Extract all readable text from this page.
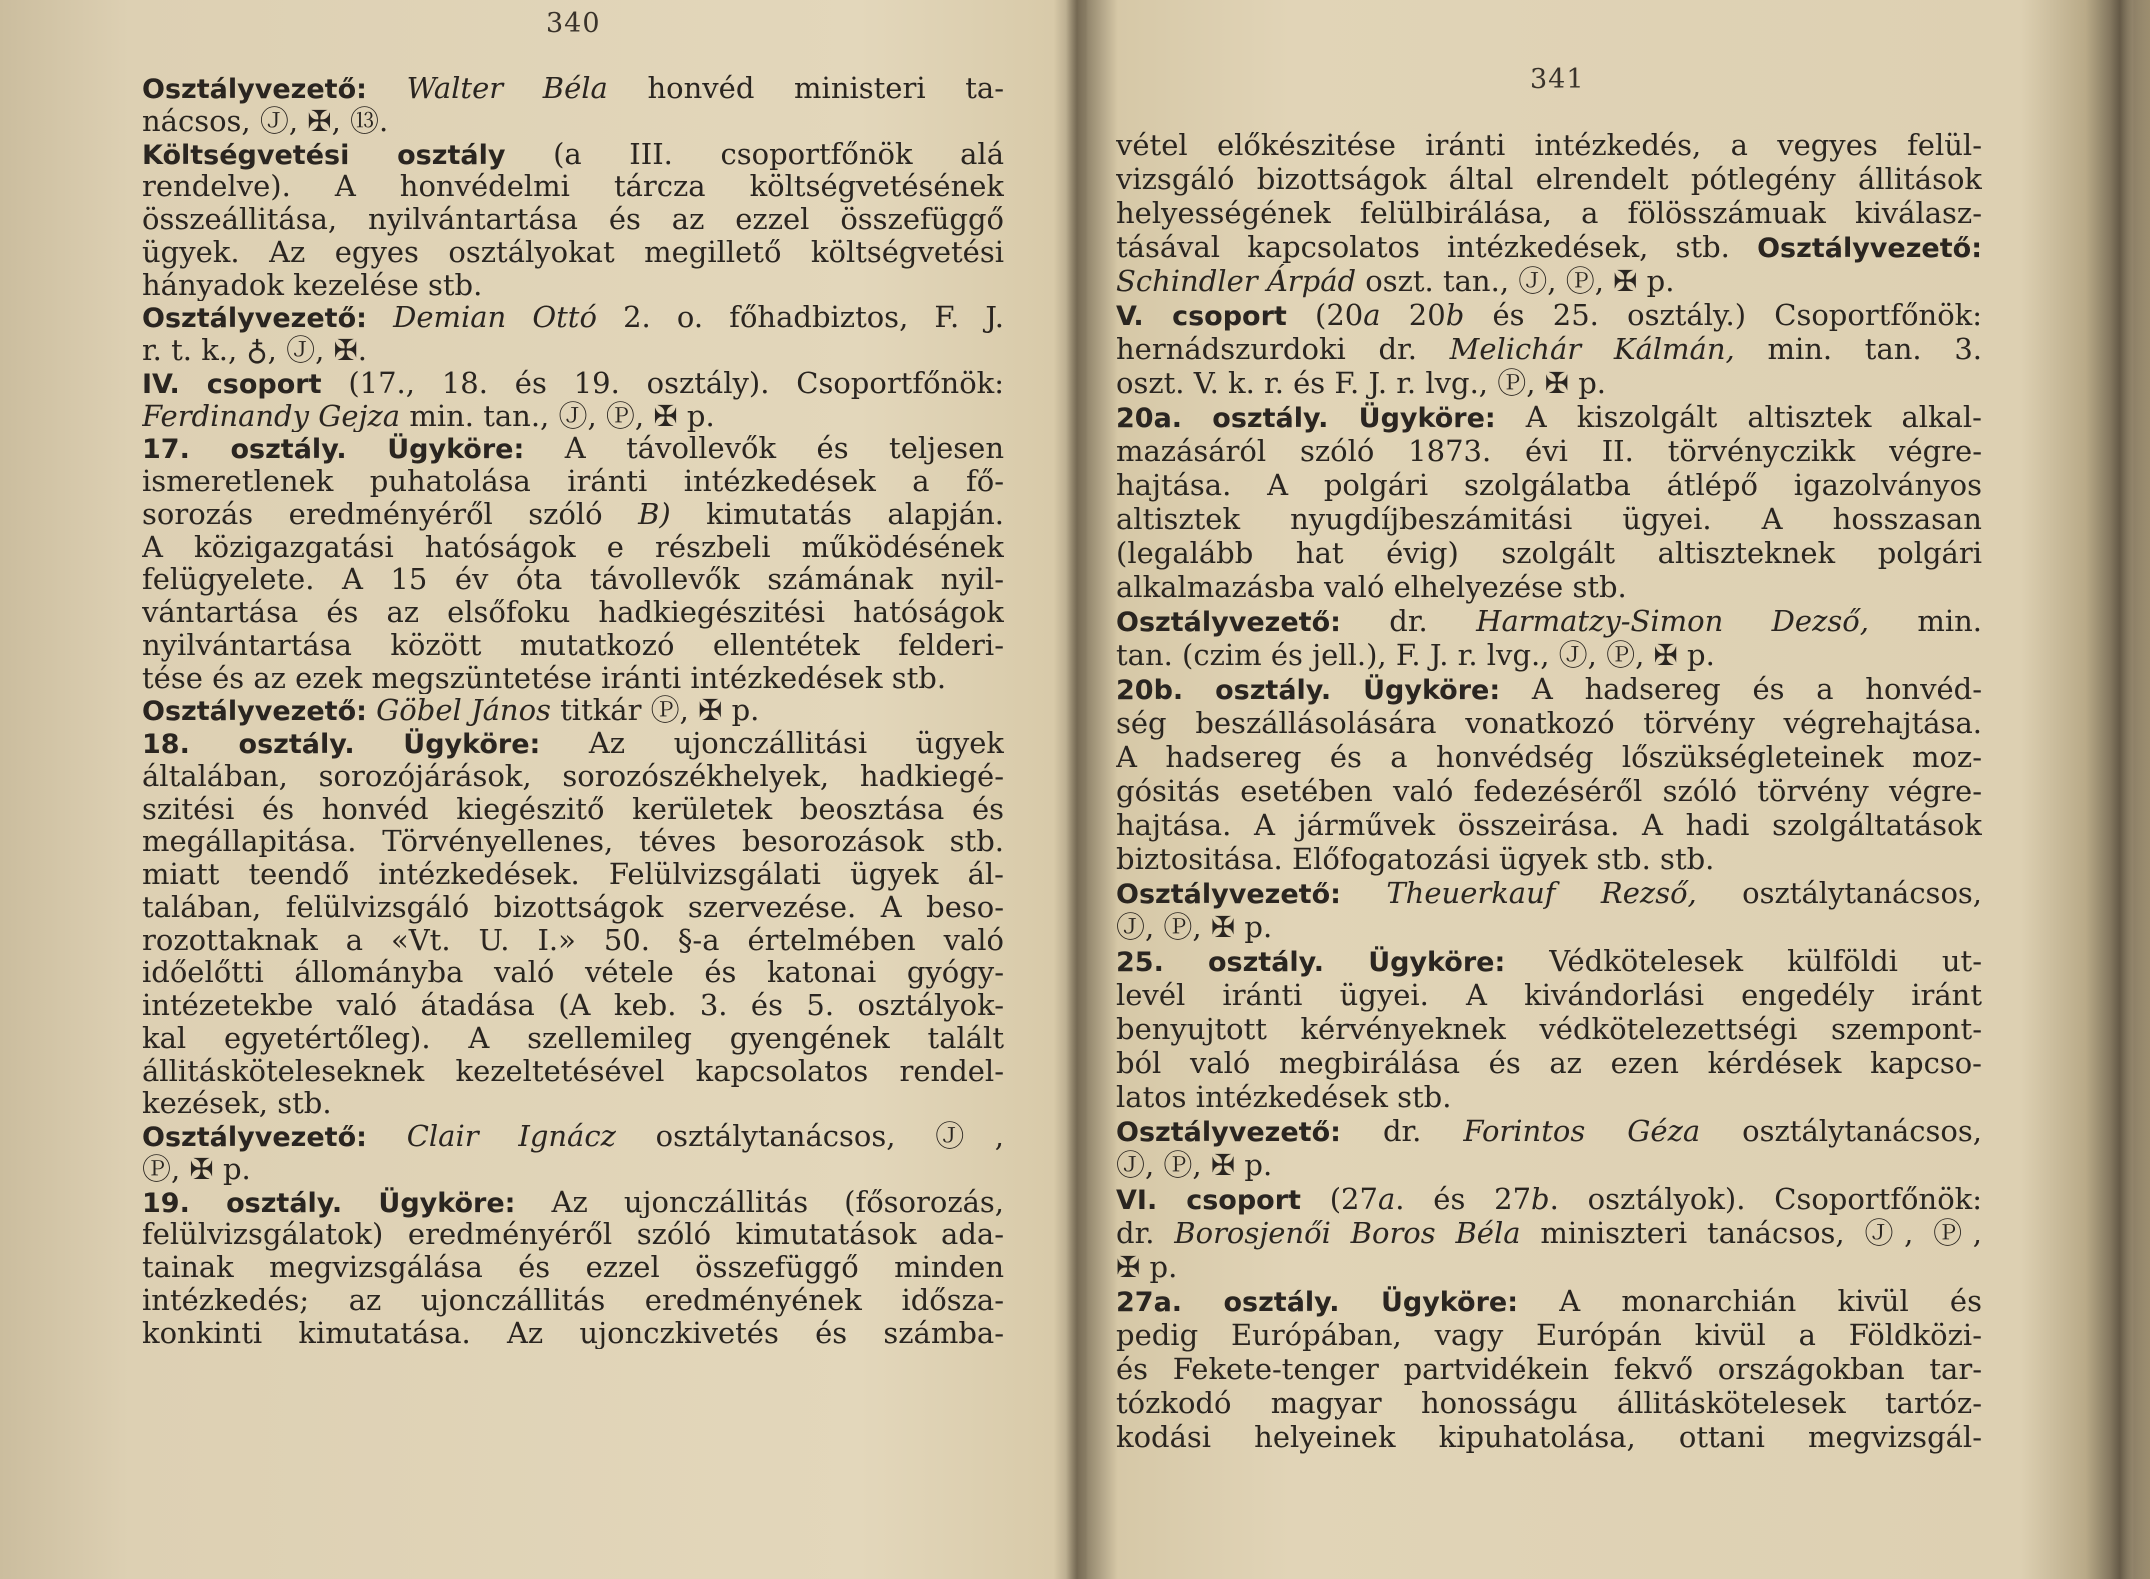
340
Osztályvezető: Walter Béla honvéd ministeri ta-
nácsos, Ⓙ, ✠, ⑬.
Költségvetési osztály (a III. csoportfőnök alá
rendelve). A honvédelmi tárcza költségvetésének
összeállitása, nyilvántartása és az ezzel összefüggő
ügyek. Az egyes osztályokat megillető költségvetési
hányadok kezelése stb.
Osztályvezető: Demian Ottó 2. o. főhadbiztos, F. J.
r. t. k., ♁, Ⓙ, ✠.
IV. csoport (17., 18. és 19. osztály). Csoportfőnök:
Ferdinandy Gejza min. tan., Ⓙ, Ⓟ, ✠ p.
17. osztály. Ügyköre: A távollevők és teljesen
ismeretlenek puhatolása iránti intézkedések a fő-
sorozás eredményéről szóló B) kimutatás alapján.
A közigazgatási hatóságok e részbeli működésének
felügyelete. A 15 év óta távollevők számának nyil-
vántartása és az elsőfoku hadkiegészitési hatóságok
nyilvántartása között mutatkozó ellentétek felderi-
tése és az ezek megszüntetése iránti intézkedések stb.
Osztályvezető: Göbel János titkár Ⓟ, ✠ p.
18. osztály. Ügyköre: Az ujonczállitási ügyek
általában, sorozójárások, sorozószékhelyek, hadkiegé-
szitési és honvéd kiegészitő kerületek beosztása és
megállapitása. Törvényellenes, téves besorozások stb.
miatt teendő intézkedések. Felülvizsgálati ügyek ál-
talában, felülvizsgáló bizottságok szervezése. A beso-
rozottaknak a «Vt. U. I.» 50. §-a értelmében való
időelőtti állományba való vétele és katonai gyógy-
intézetekbe való átadása (A keb. 3. és 5. osztályok-
kal egyetértőleg). A szellemileg gyengének talált
állitásköteleseknek kezeltetésével kapcsolatos rendel-
kezések, stb.
Osztályvezető: Clair Ignácz osztálytanácsos, Ⓙ,
Ⓟ, ✠ p.
19. osztály. Ügyköre: Az ujonczállitás (fősorozás,
felülvizsgálatok) eredményéről szóló kimutatások ada-
tainak megvizsgálása és ezzel összefüggő minden
intézkedés; az ujonczállitás eredményének idősza-
konkinti kimutatása. Az ujonczkivetés és számba-
341
vétel előkészitése iránti intézkedés, a vegyes felül-
vizsgáló bizottságok által elrendelt pótlegény állitások
helyességének felülbirálása, a fölösszámuak kiválasz-
tásával kapcsolatos intézkedések, stb. Osztályvezető:
Schindler Árpád oszt. tan., Ⓙ, Ⓟ, ✠ p.
V. csoport (20a 20b és 25. osztály.) Csoportfőnök:
hernádszurdoki dr. Melichár Kálmán, min. tan. 3.
oszt. V. k. r. és F. J. r. lvg., Ⓟ, ✠ p.
20a. osztály. Ügyköre: A kiszolgált altisztek alkal-
mazásáról szóló 1873. évi II. törvényczikk végre-
hajtása. A polgári szolgálatba átlépő igazolványos
altisztek nyugdíjbeszámitási ügyei. A hosszasan
(legalább hat évig) szolgált altiszteknek polgári
alkalmazásba való elhelyezése stb.
Osztályvezető: dr. Harmatzy-Simon Dezső, min.
tan. (czim és jell.), F. J. r. lvg., Ⓙ, Ⓟ, ✠ p.
20b. osztály. Ügyköre: A hadsereg és a honvéd-
ség beszállásolására vonatkozó törvény végrehajtása.
A hadsereg és a honvédség lőszükségleteinek moz-
gósitás esetében való fedezéséről szóló törvény végre-
hajtása. A járművek összeirása. A hadi szolgáltatások
biztositása. Előfogatozási ügyek stb. stb.
Osztályvezető: Theuerkauf Rezső, osztálytanácsos,
Ⓙ, Ⓟ, ✠ p.
25. osztály. Ügyköre: Védkötelesek külföldi ut-
levél iránti ügyei. A kivándorlási engedély iránt
benyujtott kérvényeknek védkötelezettségi szempont-
ból való megbirálása és az ezen kérdések kapcso-
latos intézkedések stb.
Osztályvezető: dr. Forintos Géza osztálytanácsos,
Ⓙ, Ⓟ, ✠ p.
VI. csoport (27a. és 27b. osztályok). Csoportfőnök:
dr. Borosjenői Boros Béla miniszteri tanácsos, Ⓙ, Ⓟ,
✠ p.
27a. osztály. Ügyköre: A monarchián kivül és
pedig Európában, vagy Európán kivül a Földközi-
és Fekete-tenger partvidékein fekvő országokban tar-
tózkodó magyar honosságu állitáskötelesek tartóz-
kodási helyeinek kipuhatolása, ottani megvizsgál-
